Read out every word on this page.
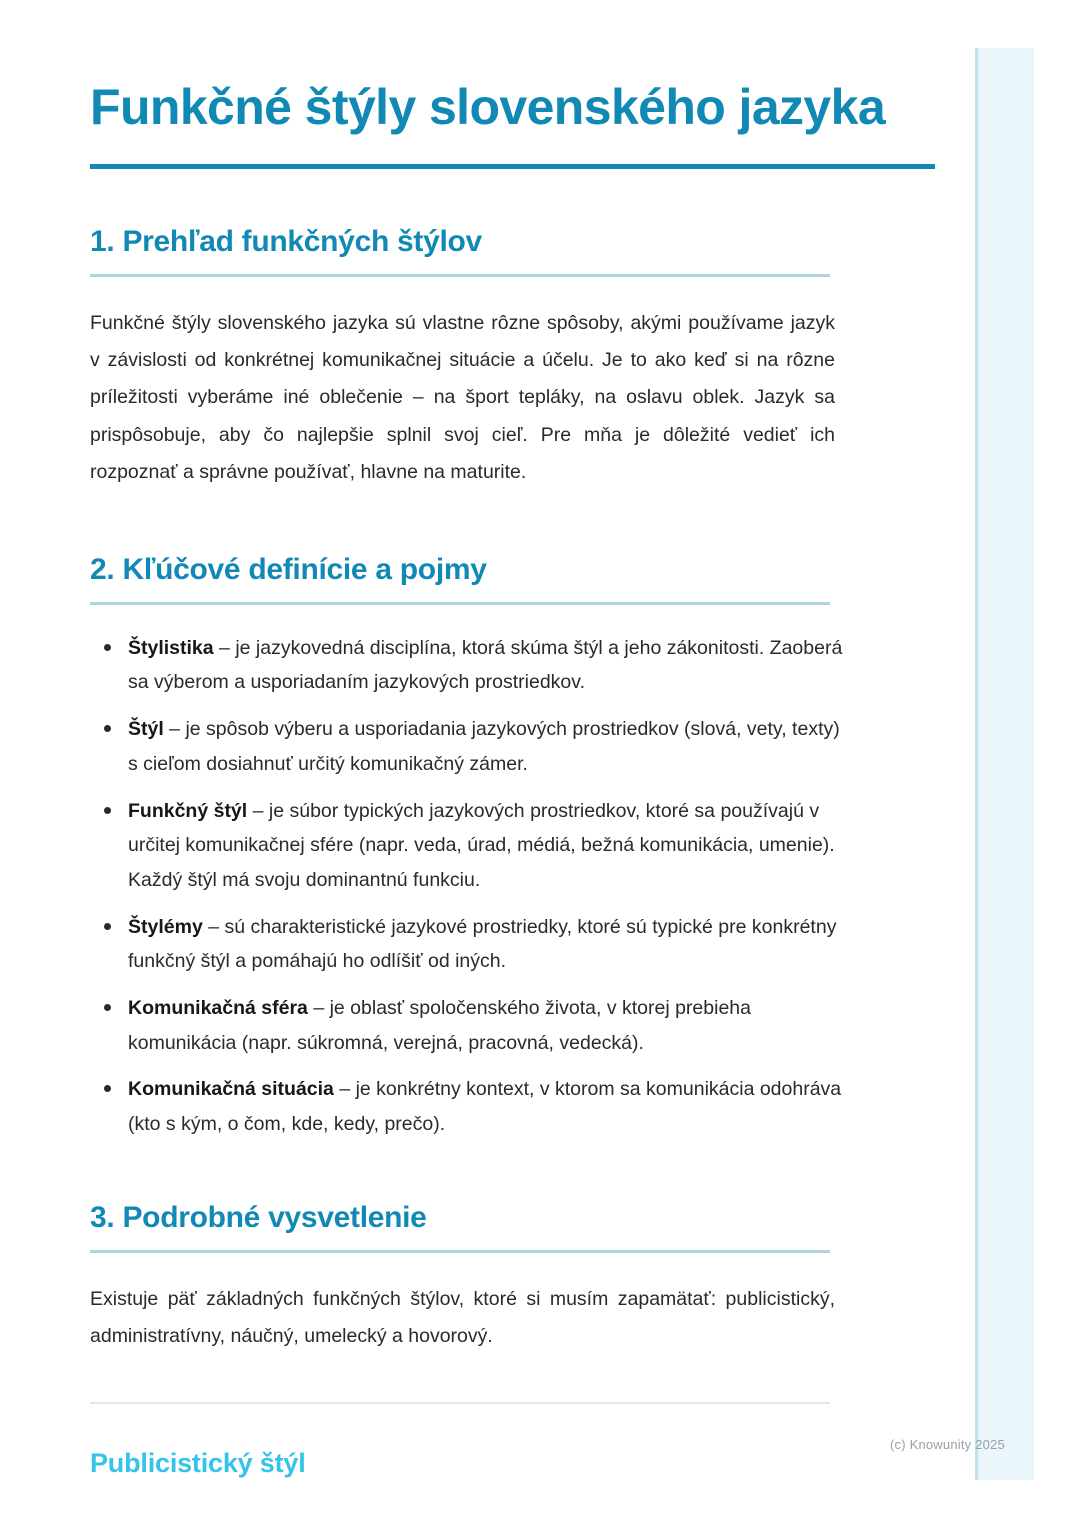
Funkčné štýly slovenského jazyka
1. Prehľad funkčných štýlov

Funkčné štýly slovenského jazyka sú vlastne rôzne spôsoby, akými používame jazyk v závislosti od konkrétnej komunikačnej situácie a účelu. Je to ako keď si na rôzne príležitosti vyberáme iné oblečenie – na šport tepláky, na oslavu oblek. Jazyk sa prispôsobuje, aby čo najlepšie splnil svoj cieľ. Pre mňa je dôležité vedieť ich rozpoznať a správne používať, hlavne na maturite.

2. Kľúčové definície a pojmy
Štylistika – je jazykovedná disciplína, ktorá skúma štýl a jeho zákonitosti. Zaoberá sa výberom a usporiadaním jazykových prostriedkov.
Štýl – je spôsob výberu a usporiadania jazykových prostriedkov (slová, vety, texty) s cieľom dosiahnuť určitý komunikačný zámer.
Funkčný štýl – je súbor typických jazykových prostriedkov, ktoré sa používajú v určitej komunikačnej sfére (napr. veda, úrad, médiá, bežná komunikácia, umenie). Každý štýl má svoju dominantnú funkciu.
Štylémy – sú charakteristické jazykové prostriedky, ktoré sú typické pre konkrétny funkčný štýl a pomáhajú ho odlíšiť od iných.
Komunikačná sféra – je oblasť spoločenského života, v ktorej prebieha komunikácia (napr. súkromná, verejná, pracovná, vedecká).
Komunikačná situácia – je konkrétny kontext, v ktorom sa komunikácia odohráva (kto s kým, o čom, kde, kedy, prečo).
3. Podrobné vysvetlenie

Existuje päť základných funkčných štýlov, ktoré si musím zapamätať: publicistický, administratívny, náučný, umelecký a hovorový.

Publicistický štýl
(c) Knowunity 2025
